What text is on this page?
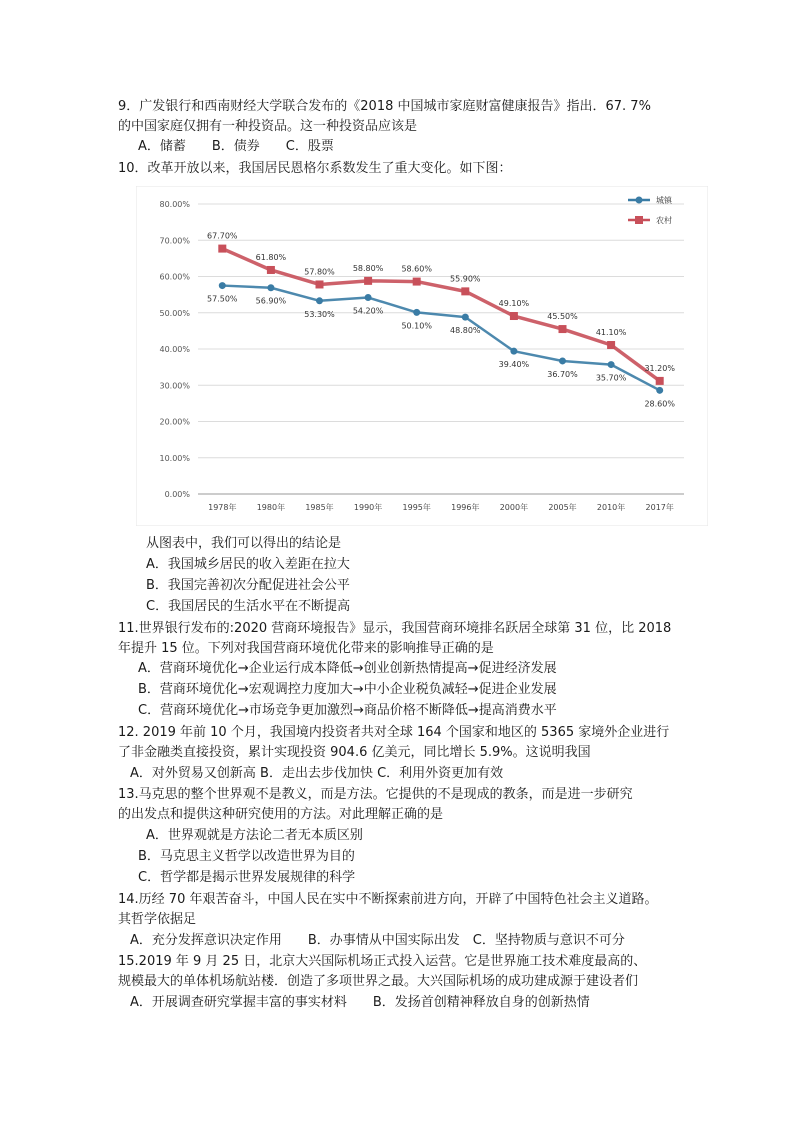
9．广发银行和西南财经大学联合发布的《2018 中国城市家庭财富健康报告》指出．67. 7%

的中国家庭仅拥有一种投资品。这一种投资品应该是

A．储蓄　　B．债券　　C．股票

10．改革开放以来，我国居民恩格尔系数发生了重大变化。如下图：

0.00%
10.00%
20.00%
30.00%
40.00%
50.00%
60.00%
70.00%
80.00%
1978年	1980年	1985年	1990年	1995年	1996年	2000年	2005年	2010年	2017年
57.50% 56.90%
53.30% 54.20%
50.10%
48.80%
39.40%
36.70% 35.70%
28.60%
67.70%
61.80%
57.80% 58.80% 58.60%
55.90%
49.10%
45.50%
41.10%
31.20%
城镇
农村

从图表中，我们可以得出的结论是

A．我国城乡居民的收入差距在拉大

B．我国完善初次分配促进社会公平

C．我国居民的生活水平在不断提高

11.世界银行发布的:2020 营商环境报告》显示，我国营商环境排名跃居全球第 31 位，比 2018

年提升 15 位。下列对我国营商环境优化带来的影响推导正确的是

A．营商环境优化→企业运行成本降低→创业创新热情提高→促进经济发展

B．营商环境优化→宏观调控力度加大→中小企业税负减轻→促进企业发展

C．营商环境优化→市场竞争更加激烈→商品价格不断降低→提高消费水平

12. 2019 年前 10 个月，我国境内投资者共对全球 164 个国家和地区的 5365 家境外企业进行

了非金融类直接投资，累计实现投资 904.6 亿美元，同比增长 5.9%。这说明我国

A．对外贸易又创新高 B．走出去步伐加快 C．利用外资更加有效

13.马克思的整个世界观不是教义，而是方法。它提供的不是现成的教条，而是进一步研究

的出发点和提供这种研究使用的方法。对此理解正确的是

A．世界观就是方法论二者无本质区别

B．马克思主义哲学以改造世界为目的

C．哲学都是揭示世界发展规律的科学

14.历经 70 年艰苦奋斗，中国人民在实中不断探索前进方向，开辟了中国特色社会主义道路。

其哲学依据足

A．充分发挥意识决定作用　　B．办事情从中国实际出发　C．坚持物质与意识不可分

15.2019 年 9 月 25 日，北京大兴国际机场正式投入运营。它是世界施工技术难度最高的、

规模最大的单体机场航站楼．创造了多项世界之最。大兴国际机场的成功建成源于建设者们

A．开展调查研究掌握丰富的事实材料　　B．发扬首创精神释放自身的创新热情
